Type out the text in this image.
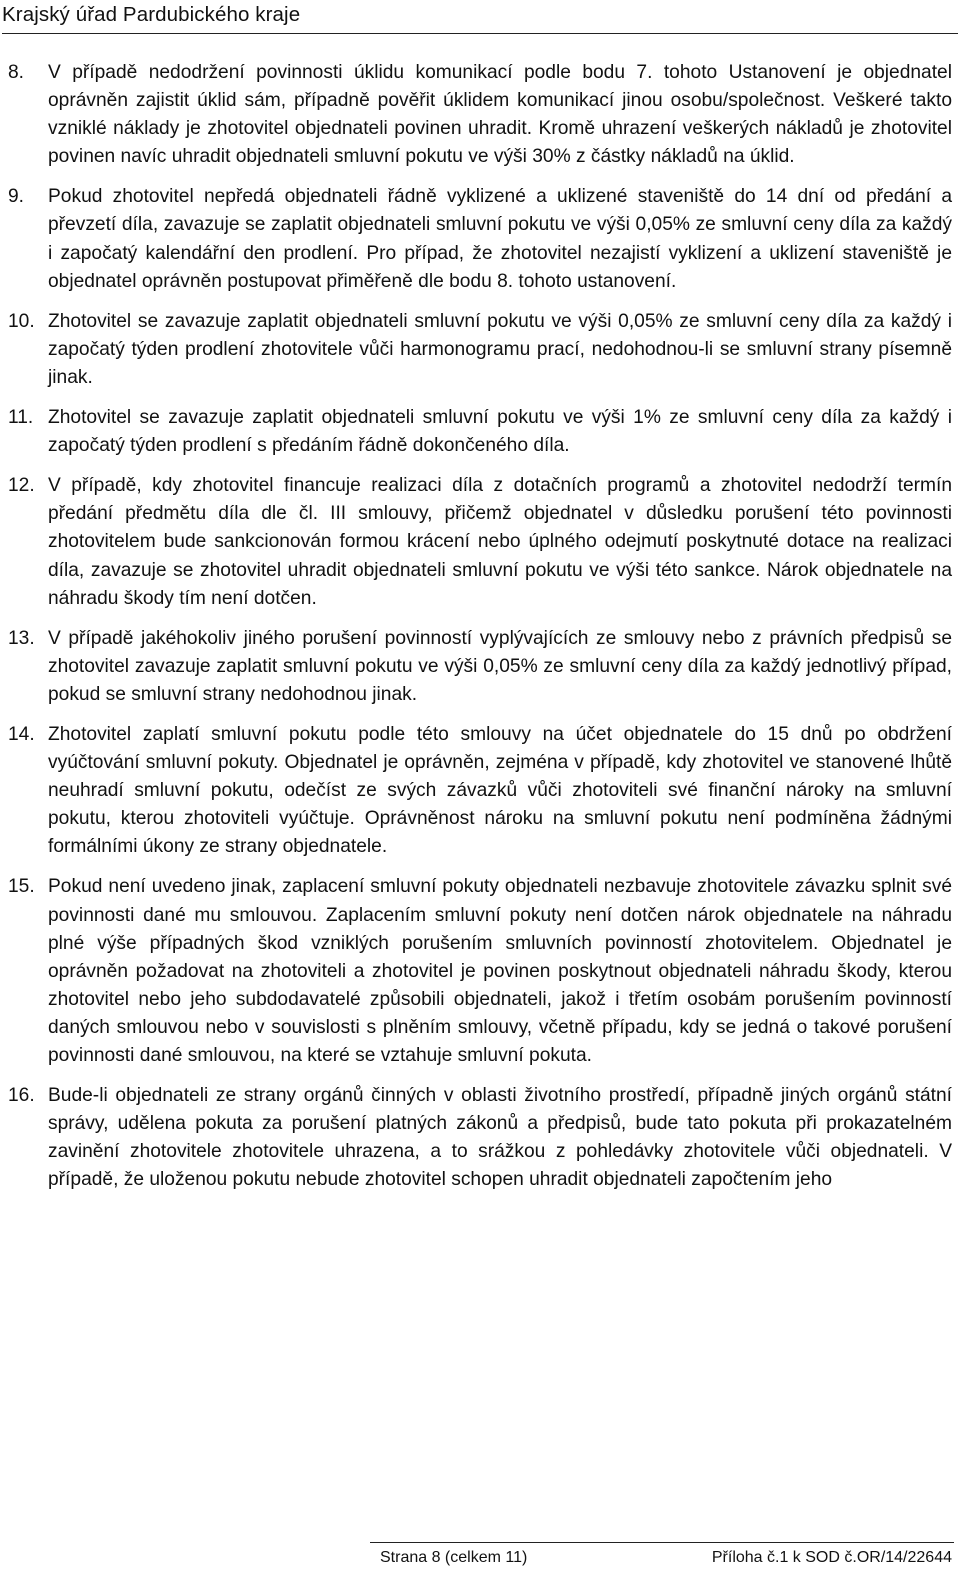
Krajský úřad Pardubického kraje
8. V případě nedodržení povinnosti úklidu komunikací podle bodu 7. tohoto Ustanovení je objednatel oprávněn zajistit úklid sám, případně pověřit úklidem komunikací jinou osobu/společnost. Veškeré takto vzniklé náklady je zhotovitel objednateli povinen uhradit. Kromě uhrazení veškerých nákladů je zhotovitel povinen navíc uhradit objednateli smluvní pokutu ve výši 30% z částky nákladů na úklid.
9. Pokud zhotovitel nepředá objednateli řádně vyklizené a uklizené staveniště do 14 dní od předání a převzetí díla, zavazuje se zaplatit objednateli smluvní pokutu ve výši 0,05% ze smluvní ceny díla za každý i započatý kalendářní den prodlení. Pro případ, že zhotovitel nezajistí vyklizení a uklizení staveniště je objednatel oprávněn postupovat přiměřeně dle bodu 8. tohoto ustanovení.
10. Zhotovitel se zavazuje zaplatit objednateli smluvní pokutu ve výši 0,05% ze smluvní ceny díla za každý i započatý týden prodlení zhotovitele vůči harmonogramu prací, nedohodnou-li se smluvní strany písemně jinak.
11. Zhotovitel se zavazuje zaplatit objednateli smluvní pokutu ve výši 1% ze smluvní ceny díla za každý i započatý týden prodlení s předáním řádně dokončeného díla.
12. V případě, kdy zhotovitel financuje realizaci díla z dotačních programů a zhotovitel nedodrží termín předání předmětu díla dle čl. III smlouvy, přičemž objednatel v důsledku porušení této povinnosti zhotovitelem bude sankcionován formou krácení nebo úplného odejmutí poskytnuté dotace na realizaci díla, zavazuje se zhotovitel uhradit objednateli smluvní pokutu ve výši této sankce. Nárok objednatele na náhradu škody tím není dotčen.
13. V případě jakéhokoliv jiného porušení povinností vyplývajících ze smlouvy nebo z právních předpisů se zhotovitel zavazuje zaplatit smluvní pokutu ve výši 0,05% ze smluvní ceny díla za každý jednotlivý případ, pokud se smluvní strany nedohodnou jinak.
14. Zhotovitel zaplatí smluvní pokutu podle této smlouvy na účet objednatele do 15 dnů po obdržení vyúčtování smluvní pokuty. Objednatel je oprávněn, zejména v případě, kdy zhotovitel ve stanovené lhůtě neuhradí smluvní pokutu, odečíst ze svých závazků vůči zhotoviteli své finanční nároky na smluvní pokutu, kterou zhotoviteli vyúčtuje. Oprávněnost nároku na smluvní pokutu není podmíněna žádnými formálními úkony ze strany objednatele.
15. Pokud není uvedeno jinak, zaplacení smluvní pokuty objednateli nezbavuje zhotovitele závazku splnit své povinnosti dané mu smlouvou. Zaplacením smluvní pokuty není dotčen nárok objednatele na náhradu plné výše případných škod vzniklých porušením smluvních povinností zhotovitelem. Objednatel je oprávněn požadovat na zhotoviteli a zhotovitel je povinen poskytnout objednateli náhradu škody, kterou zhotovitel nebo jeho subdodavatelé způsobili objednateli, jakož i třetím osobám porušením povinností daných smlouvou nebo v souvislosti s plněním smlouvy, včetně případu, kdy se jedná o takové porušení povinnosti dané smlouvou, na které se vztahuje smluvní pokuta.
16. Bude-li objednateli ze strany orgánů činných v oblasti životního prostředí, případně jiných orgánů státní správy, udělena pokuta za porušení platných zákonů a předpisů, bude tato pokuta při prokazatelném zavinění zhotovitele zhotovitele uhrazena, a to srážkou z pohledávky zhotovitele vůči objednateli. V případě, že uloženou pokutu nebude zhotovitel schopen uhradit objednateli započtením jeho
Strana 8 (celkem 11)	Příloha č.1 k SOD č.OR/14/22644
